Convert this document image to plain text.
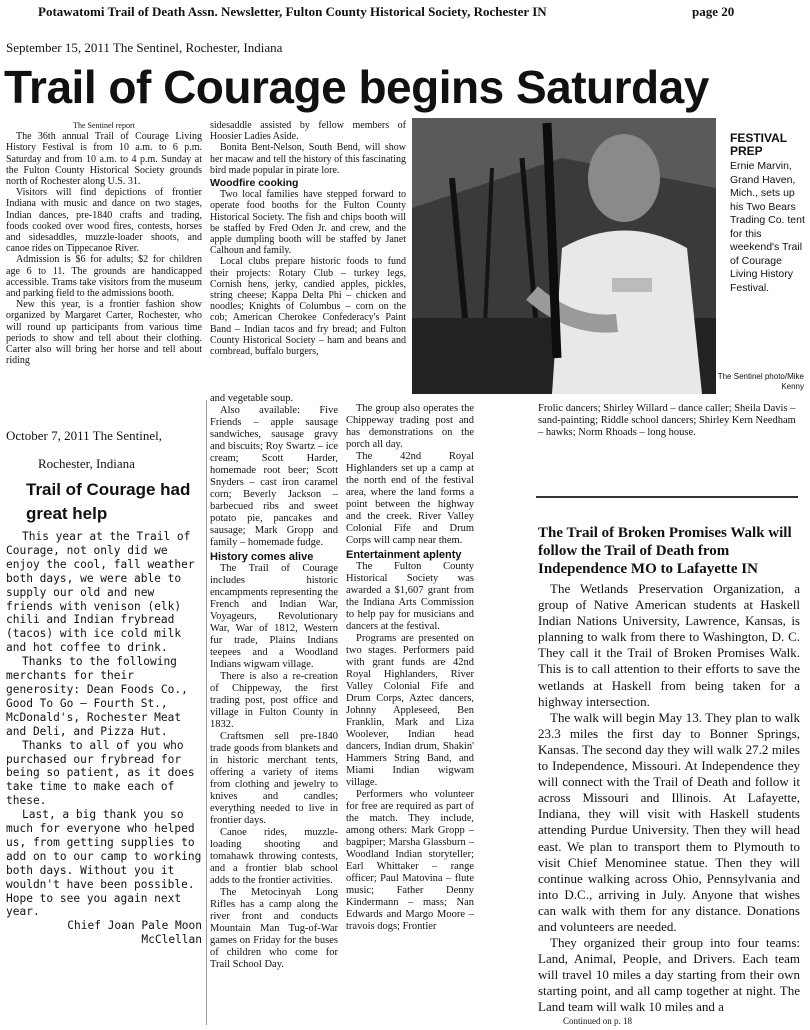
Potawatomi Trail of Death Assn. Newsletter, Fulton County Historical Society, Rochester IN	page 20
September 15, 2011 The Sentinel, Rochester, Indiana
Trail of Courage begins Saturday
The Sentinel report

The 36th annual Trail of Courage Living History Festival is from 10 a.m. to 6 p.m. Saturday and from 10 a.m. to 4 p.m. Sunday at the Fulton County Historical Society grounds north of Rochester along U.S. 31.

Visitors will find depictions of frontier Indiana with music and dance on two stages, Indian dances, pre-1840 crafts and trading, foods cooked over wood fires, contests, horses and sidesaddles, muzzle-loader shoots, and canoe rides on Tippecanoe River.

Admission is $6 for adults; $2 for children age 6 to 11. The grounds are handicapped accessible. Trams take visitors from the museum and parking field to the admissions booth.

New this year, is a frontier fashion show organized by Margaret Carter, Rochester, who will round up participants from various time periods to show and tell about their clothing. Carter also will bring her horse and tell about riding

sidesaddle assisted by fellow members of Hoosier Ladies Aside.

Bonita Bent-Nelson, South Bend, will show her macaw and tell the history of this fascinating bird made popular in pirate lore.

Woodfire cooking

Two local families have stepped forward to operate food booths for the Fulton County Historical Society. The fish and chips booth will be staffed by Fred Oden Jr. and crew, and the apple dumpling booth will be staffed by Janet Calhoun and family.

Local clubs prepare historic foods to fund their projects: Rotary Club – turkey legs, Cornish hens, jerky, candied apples, pickles, string cheese; Kappa Delta Phi – chicken and noodles; Knights of Columbus – corn on the cob; American Cherokee Confederacy's Paint Band – Indian tacos and fry bread; and Fulton County Historical Society – ham and beans and cornbread, buffalo burgers,

FESTIVAL PREP
Ernie Marvin, Grand Haven, Mich., sets up his Two Bears Trading Co. tent for this weekend's Trail of Courage Living History Festival.
The Sentinel photo/Mike Kenny

and vegetable soup.

Also available: Five Friends – apple sausage sandwiches, sausage gravy and biscuits; Roy Swartz – ice cream; Scott Harder, homemade root beer; Scott Snyders – cast iron caramel corn; Beverly Jackson – barbecued ribs and sweet potato pie, pancakes and sausage; Mark Gropp and family – homemade fudge.

History comes alive

The Trail of Courage includes historic encampments representing the French and Indian War, Voyageurs, Revolutionary War, War of 1812, Western fur trade, Plains Indians teepees and a Woodland Indians wigwam village.

There is also a re-creation of Chippeway, the first trading post, post office and village in Fulton County in 1832.

Craftsmen sell pre-1840 trade goods from blankets and in historic merchant tents, offering a variety of items from clothing and jewelry to knives and candles; everything needed to live in frontier days.

Canoe rides, muzzle-loading shooting and tomahawk throwing contests, and a frontier blab school adds to the frontier activities.

The Metocinyah Long Rifles has a camp along the river front and conducts Mountain Man Tug-of-War games on Friday for the buses of children who come for Trail School Day.

The group also operates the Chippeway trading post and has demonstrations on the porch all day.

The 42nd Royal Highlanders set up a camp at the north end of the festival area, where the land forms a point between the highway and the creek. River Valley Colonial Fife and Drum Corps will camp near them.

Entertainment aplenty

The Fulton County Historical Society was awarded a $1,607 grant from the Indiana Arts Commission to help pay for musicians and dancers at the festival.

Programs are presented on two stages. Performers paid with grant funds are 42nd Royal Highlanders, River Valley Colonial Fife and Drum Corps, Aztec dancers, Johnny Appleseed, Ben Franklin, Mark and Liza Woolever, Indian head dancers, Indian drum, Shakin' Hammers String Band, and Miami Indian wigwam village.

Performers who volunteer for free are required as part of the match. They include, among others: Mark Gropp – bagpiper; Marsha Glassburn – Woodland Indian storyteller; Earl Whittaker – range officer; Paul Matovina – flute music; Father Denny Kindermann – mass; Nan Edwards and Margo Moore – travois dogs; Frontier

Frolic dancers; Shirley Willard – dance caller; Sheila Davis – sand-painting; Riddle school dancers; Shirley Kern Needham – hawks; Norm Rhoads – long house.
The Trail of Broken Promises Walk will follow the Trail of Death from Independence MO to Lafayette IN

The Wetlands Preservation Organization, a group of Native American students at Haskell Indian Nations University, Lawrence, Kansas, is planning to walk from there to Washington, D. C. They call it the Trail of Broken Promises Walk. This is to call attention to their efforts to save the wetlands at Haskell from being taken for a highway intersection.

The walk will begin May 13. They plan to walk 23.3 miles the first day to Bonner Springs, Kansas. The second day they will walk 27.2 miles to Independence, Missouri. At Independence they will connect with the Trail of Death and follow it across Missouri and Illinois. At Lafayette, Indiana, they will visit with Haskell students attending Purdue University. Then they will head east. We plan to transport them to Plymouth to visit Chief Menominee statue. Then they will continue walking across Ohio, Pennsylvania and into D.C., arriving in July. Anyone that wishes can walk with them for any distance. Donations and volunteers are needed.

They organized their group into four teams: Land, Animal, People, and Drivers. Each team will travel 10 miles a day starting from their own starting point, and all camp together at night. The Land team will walk 10 miles and a

Continued on p. 18
October 7, 2011 The Sentinel,
Rochester, Indiana
Trail of Courage had great help

This year at the Trail of Courage, not only did we enjoy the cool, fall weather both days, we were able to supply our old and new friends with venison (elk) chili and Indian frybread (tacos) with ice cold milk and hot coffee to drink.

Thanks to the following merchants for their generosity: Dean Foods Co., Good To Go – Fourth St., McDonald's, Rochester Meat and Deli, and Pizza Hut.

Thanks to all of you who purchased our frybread for being so patient, as it does take time to make each of these.

Last, a big thank you so much for everyone who helped us, from getting supplies to add on to our camp to working both days. Without you it wouldn't have been possible. Hope to see you again next year.

Chief Joan Pale Moon
McClellan
